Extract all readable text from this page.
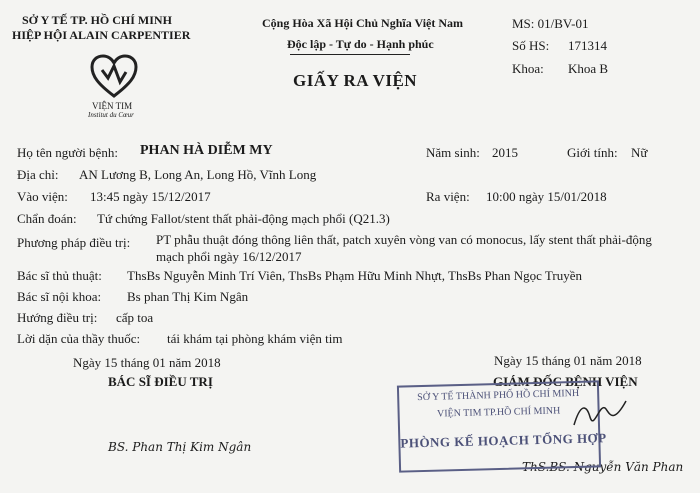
SỞ Y TẾ TP. HỒ CHÍ MINH
HIỆP HỘI ALAIN CARPENTIER
VIỆN TIM
Institut du Cœur
Cộng Hòa Xã Hội Chủ Nghĩa Việt Nam
Độc lập - Tự do - Hạnh phúc
GIẤY RA VIỆN
MS: 01/BV-01
Số HS: 171314
Khoa: Khoa B
Họ tên người bệnh: PHAN HÀ DIỄM MY	Năm sinh: 2015	Giới tính: Nữ
Địa chỉ: AN Lương B, Long An, Long Hồ, Vĩnh Long
Vào viện: 13:45 ngày 15/12/2017	Ra viện: 10:00 ngày 15/01/2018
Chẩn đoán: Tứ chứng Fallot/stent thất phải-động mạch phổi (Q21.3)
Phương pháp điều trị: PT phẫu thuật đóng thông liên thất, patch xuyên vòng van có monocus, lấy stent thất phải-động
mạch phổi ngày 16/12/2017
Bác sĩ thủ thuật: ThsBs Nguyễn Minh Trí Viên, ThsBs Phạm Hữu Minh Nhựt, ThsBs Phan Ngọc Truyền
Bác sĩ nội khoa: Bs phan Thị Kim Ngân
Hướng điều trị: cấp toa
Lời dặn của thầy thuốc: tái khám tại phòng khám viện tim
Ngày 15 tháng 01 năm 2018
BÁC SĨ ĐIỀU TRỊ
BS. Phan Thị Kim Ngân
Ngày 15 tháng 01 năm 2018
GIÁM ĐỐC BỆNH VIỆN
ThS.BS. Nguyễn Văn Phan
SỞ Y TẾ THÀNH PHỐ HỒ CHÍ MINH
VIỆN TIM TP.HỒ CHÍ MINH
PHÒNG KẾ HOẠCH TỔNG HỢP
